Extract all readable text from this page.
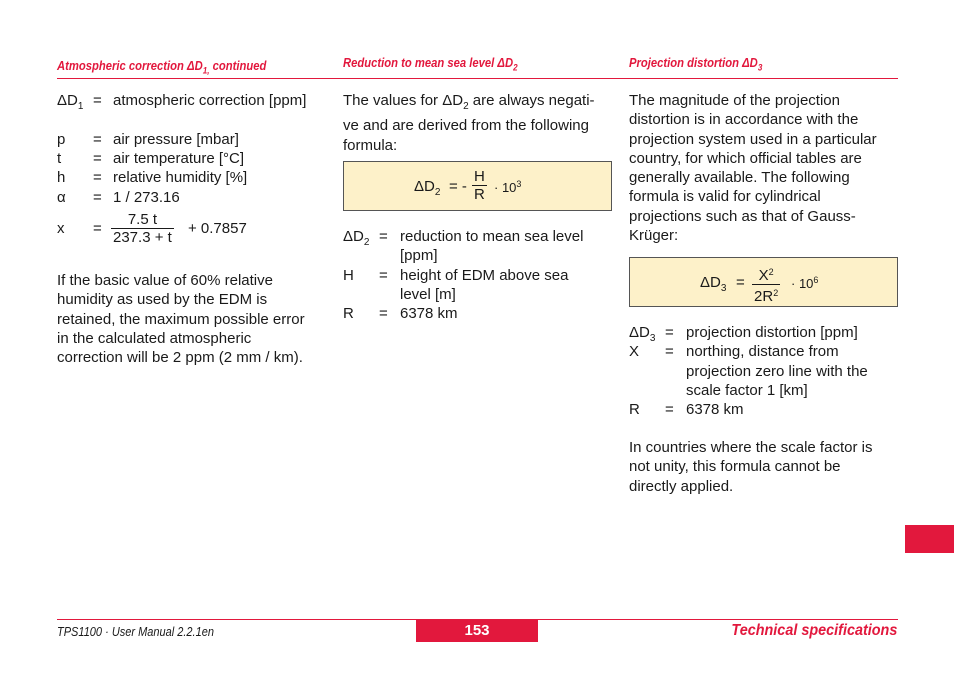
Atmospheric correction $\Delta D_{1,}$ continued	Reduction to mean sea level $\Delta D_2$	Projection distortion $\Delta D_3$
$\Delta D_1$ = atmospheric correction [ppm]
p = air pressure [mbar]
t = air temperature [°C]
h = relative humidity [%]
α = 1 / 273.16
$x = \frac{7.5 t}{237.3 + t} + 0.7857$
If the basic value of 60% relative
humidity as used by the EDM is
retained, the maximum possible error
in the calculated atmospheric
correction will be 2 ppm (2 mm / km).
The values for $\Delta D_2$ are always negati-
ve and are derived from the following
formula:
$\Delta D_2$ = - $\frac{H}{R} \cdot 10^3$
$\Delta D_2$ = reduction to mean sea level
[ppm]
H = height of EDM above sea
level [m]
R = 6378 km
The magnitude of the projection
distortion is in accordance with the
projection system used in a particular
country, for which official tables are
generally available. The following
formula is valid for cylindrical
projections such as that of Gauss-
Krüger:
$\Delta D_3 = \frac{X^2}{2R^2} \cdot 10^6$
$\Delta D_3$ = projection distortion [ppm]
X = northing, distance from
projection zero line with the
scale factor 1 [km]
R = 6378 km
In countries where the scale factor is
not unity, this formula cannot be
directly applied.
TPS1100 · User Manual 2.2.1en	153	Technical specifications
